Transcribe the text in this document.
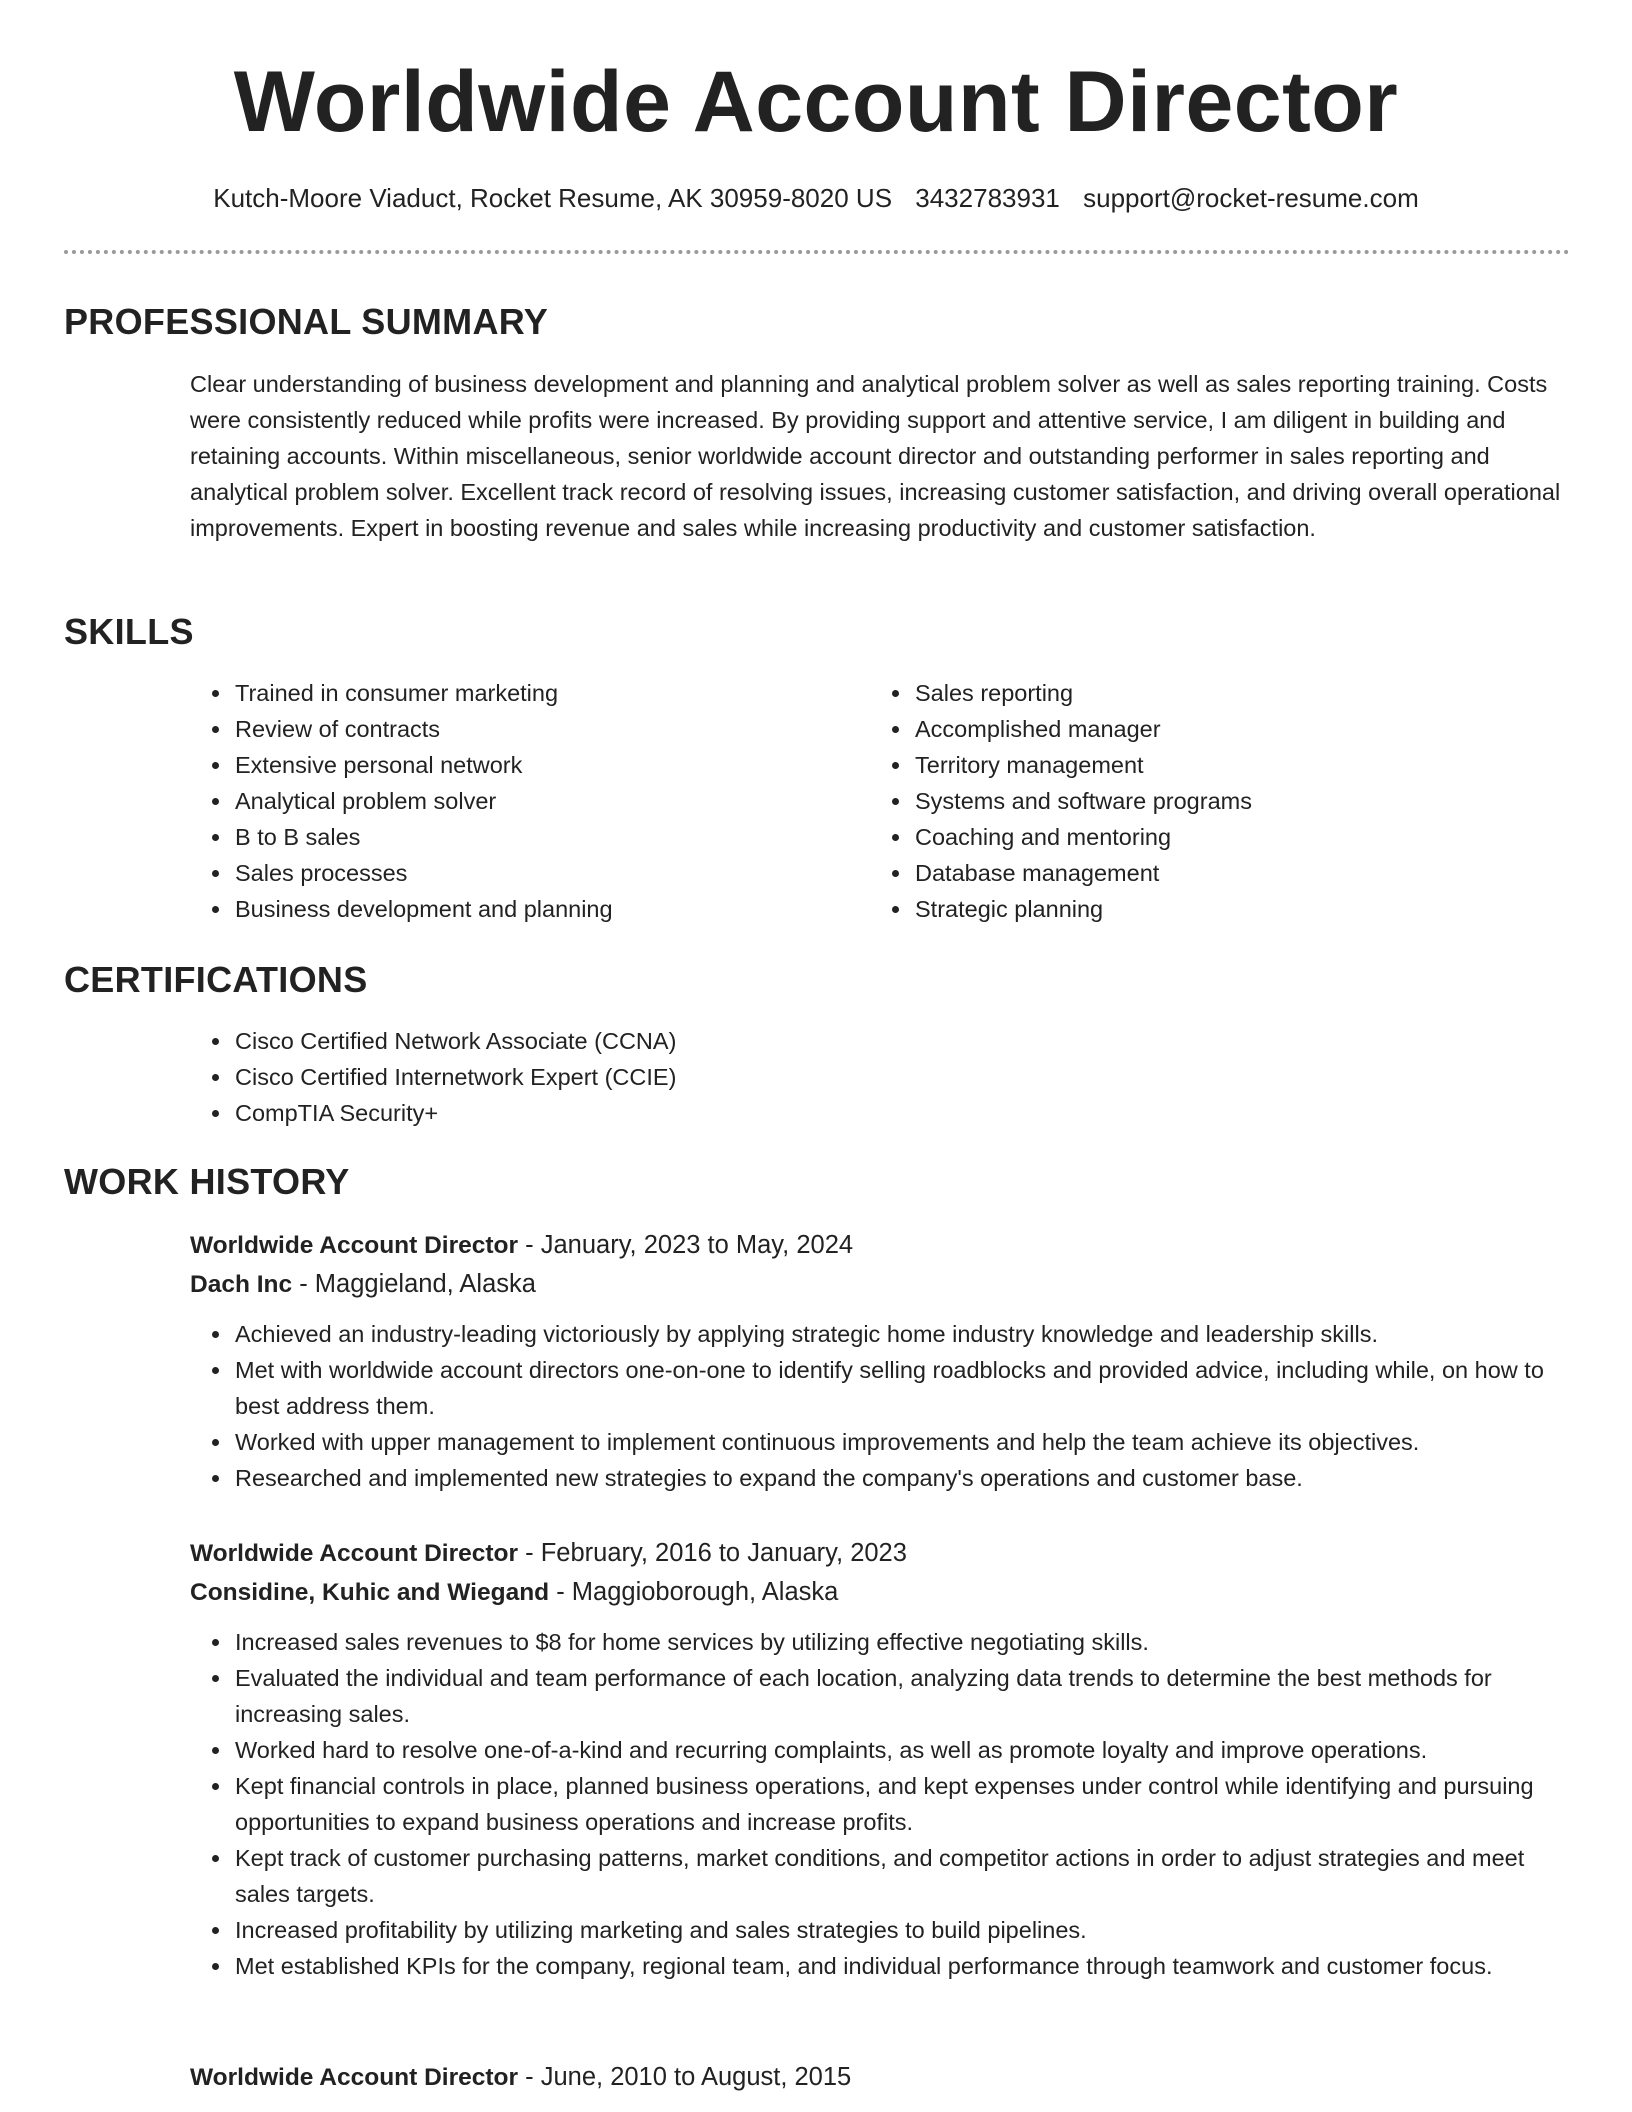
Worldwide Account Director
Kutch-Moore Viaduct, Rocket Resume, AK 30959-8020 US 3432783931 support@rocket-resume.com
PROFESSIONAL SUMMARY

Clear understanding of business development and planning and analytical problem solver as well as sales reporting training. Costs were consistently reduced while profits were increased. By providing support and attentive service, I am diligent in building and retaining accounts. Within miscellaneous, senior worldwide account director and outstanding performer in sales reporting and analytical problem solver. Excellent track record of resolving issues, increasing customer satisfaction, and driving overall operational improvements. Expert in boosting revenue and sales while increasing productivity and customer satisfaction.

SKILLS
• Trained in consumer marketing
• Review of contracts
• Extensive personal network
• Analytical problem solver
• B to B sales
• Sales processes
• Business development and planning
• Sales reporting
• Accomplished manager
• Territory management
• Systems and software programs
• Coaching and mentoring
• Database management
• Strategic planning
CERTIFICATIONS
• Cisco Certified Network Associate (CCNA)
• Cisco Certified Internetwork Expert (CCIE)
• CompTIA Security+
WORK HISTORY
Worldwide Account Director - January, 2023 to May, 2024
Dach Inc - Maggieland, Alaska
• Achieved an industry-leading victoriously by applying strategic home industry knowledge and leadership skills.
• Met with worldwide account directors one-on-one to identify selling roadblocks and provided advice, including while, on how to best address them.
• Worked with upper management to implement continuous improvements and help the team achieve its objectives.
• Researched and implemented new strategies to expand the company's operations and customer base.
Worldwide Account Director - February, 2016 to January, 2023
Considine, Kuhic and Wiegand - Maggioborough, Alaska
• Increased sales revenues to $8 for home services by utilizing effective negotiating skills.
• Evaluated the individual and team performance of each location, analyzing data trends to determine the best methods for increasing sales.
• Worked hard to resolve one-of-a-kind and recurring complaints, as well as promote loyalty and improve operations.
• Kept financial controls in place, planned business operations, and kept expenses under control while identifying and pursuing opportunities to expand business operations and increase profits.
• Kept track of customer purchasing patterns, market conditions, and competitor actions in order to adjust strategies and meet sales targets.
• Increased profitability by utilizing marketing and sales strategies to build pipelines.
• Met established KPIs for the company, regional team, and individual performance through teamwork and customer focus.
Worldwide Account Director - June, 2010 to August, 2015
